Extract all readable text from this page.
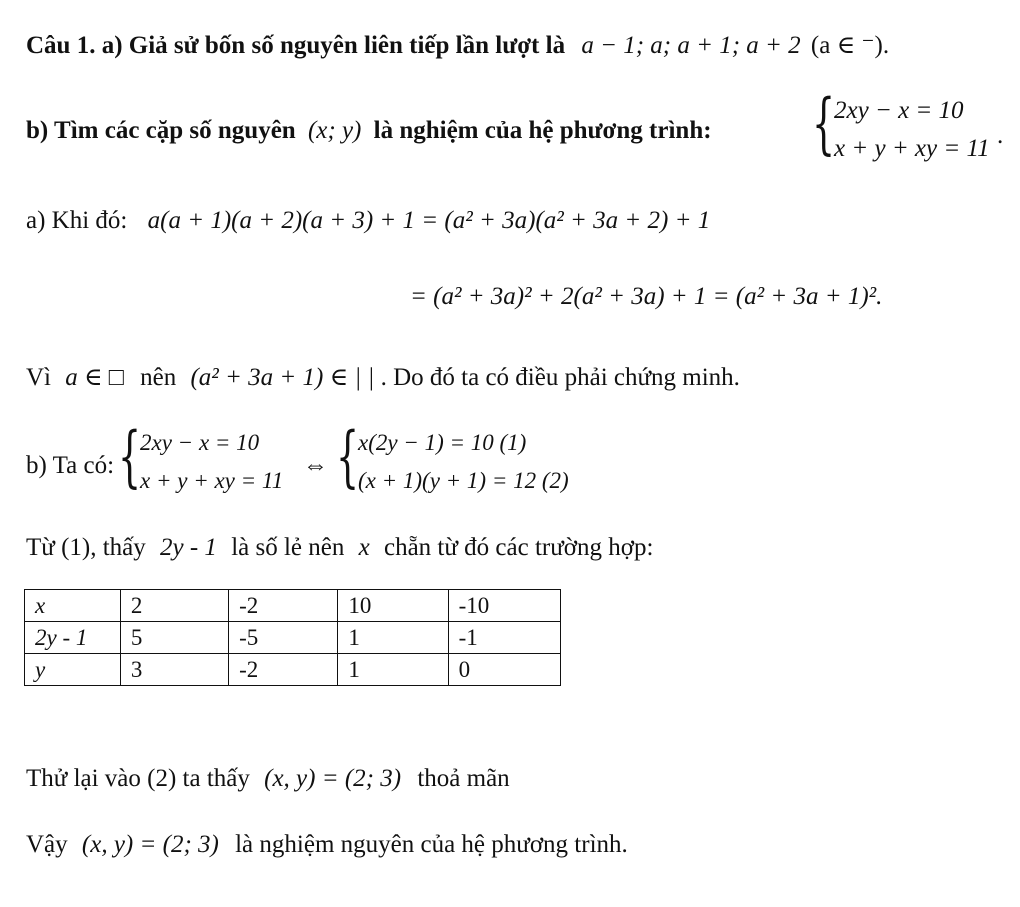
Câu 1. a) Giả sử bốn số nguyên liên tiếp lần lượt là a − 1; a; a + 1; a + 2 (a ∈ ⁻).
b) Tìm các cặp số nguyên (x; y) là nghiệm của hệ phương trình: {
2xy − x = 10
x + y + xy = 11 .
a) Khi đó: a(a + 1)(a + 2)(a + 3) + 1 = (a² + 3a)(a² + 3a + 2) + 1
= (a² + 3a)² + 2(a² + 3a) + 1 = (a² + 3a + 1)².
Vì a ∈ □ nên (a² + 3a + 1) ∈ | | . Do đó ta có điều phải chứng minh.
b) Ta có: {
2xy − x = 10
x + y + xy = 11
⇔ {
x(2y − 1) = 10 (1)
(x + 1)(y + 1) = 12 (2)
Từ (1), thấy 2y - 1 là số lẻ nên x chẵn từ đó các trường hợp:
x	2	-2	10	-10
2y - 1	5	-5	1	-1
y	3	-2	1	0
Thử lại vào (2) ta thấy (x, y) = (2; 3) thoả mãn
Vậy (x, y) = (2; 3) là nghiệm nguyên của hệ phương trình.
